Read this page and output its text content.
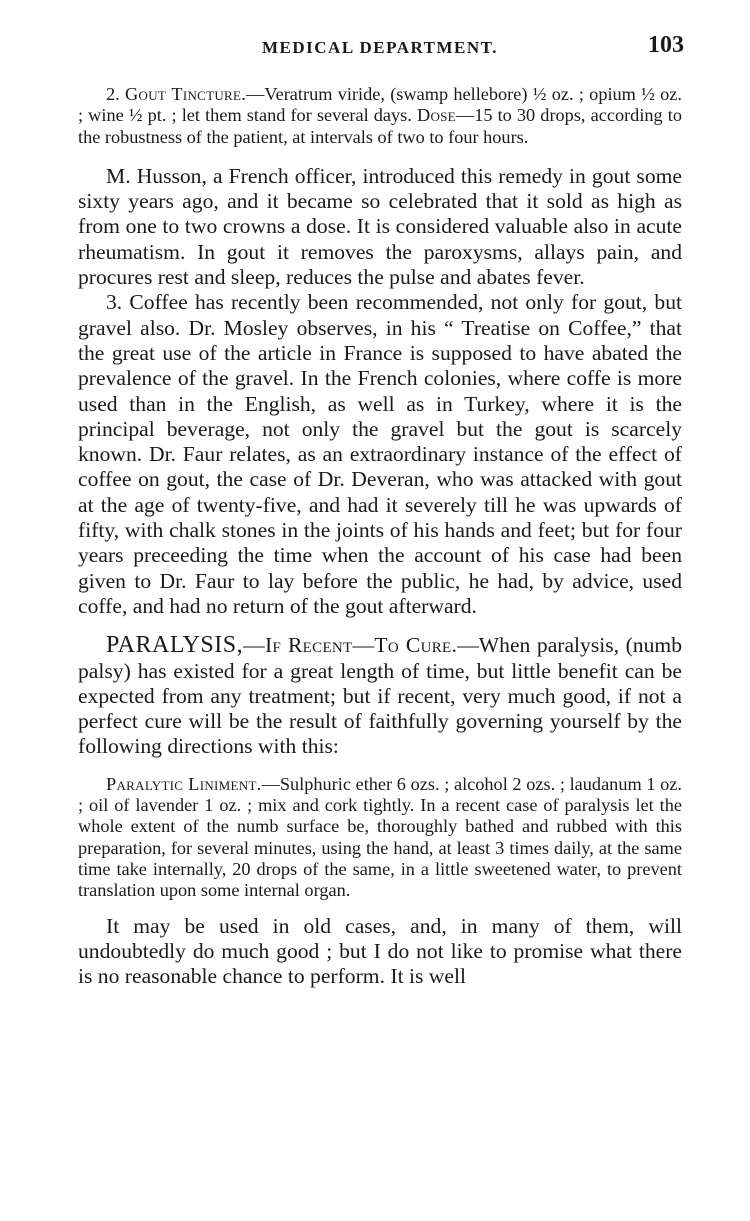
MEDICAL DEPARTMENT.	103

2. Gout Tincture.—Veratrum viride, (swamp hellebore) ½ oz. ; opium ½ oz. ; wine ½ pt. ; let them stand for several days. Dose—15 to 30 drops, according to the robustness of the patient, at intervals of two to four hours.

M. Husson, a French officer, introduced this remedy in gout some sixty years ago, and it became so celebrated that it sold as high as from one to two crowns a dose. It is considered valuable also in acute rheumatism. In gout it removes the paroxysms, allays pain, and procures rest and sleep, reduces the pulse and abates fever.

3. Coffee has recently been recommended, not only for gout, but gravel also. Dr. Mosley observes, in his “ Treatise on Coffee,” that the great use of the article in France is supposed to have abated the prevalence of the gravel. In the French colonies, where coffe is more used than in the English, as well as in Turkey, where it is the principal beverage, not only the gravel but the gout is scarcely known. Dr. Faur relates, as an extraordinary instance of the effect of coffee on gout, the case of Dr. Deveran, who was attacked with gout at the age of twenty-five, and had it severely till he was upwards of fifty, with chalk stones in the joints of his hands and feet; but for four years preceeding the time when the account of his case had been given to Dr. Faur to lay before the public, he had, by advice, used coffe, and had no return of the gout afterward.

PARALYSIS,—If Recent—To Cure.—When paralysis, (numb palsy) has existed for a great length of time, but little benefit can be expected from any treatment; but if recent, very much good, if not a perfect cure will be the result of faithfully governing yourself by the following directions with this:

Paralytic Liniment.—Sulphuric ether 6 ozs. ; alcohol 2 ozs. ; laudanum 1 oz. ; oil of lavender 1 oz. ; mix and cork tightly. In a recent case of paralysis let the whole extent of the numb surface be, thoroughly bathed and rubbed with this preparation, for several minutes, using the hand, at least 3 times daily, at the same time take internally, 20 drops of the same, in a little sweetened water, to prevent translation upon some internal organ.

It may be used in old cases, and, in many of them, will undoubtedly do much good ; but I do not like to promise what there is no reasonable chance to perform. It is well
